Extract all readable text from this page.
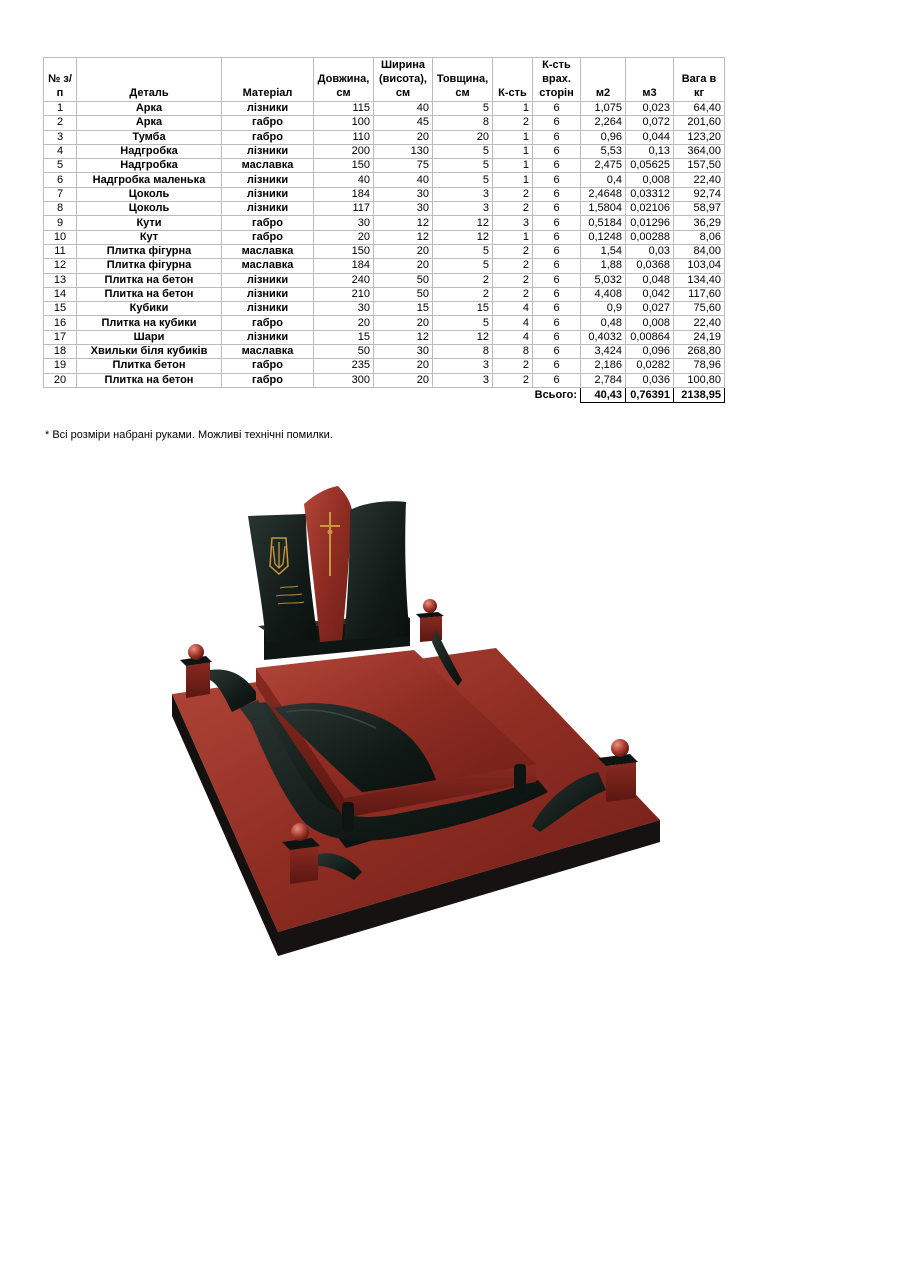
№ з/п	Деталь	Матеріал	Довжина, см	Ширина (висота), см	Товщина, см	К-сть	К-сть врах. сторін	м2	м3	Вага в кг
1	Арка	лізники	115	40	5	1	6	1,075	0,023	64,40
2	Арка	габро	100	45	8	2	6	2,264	0,072	201,60
3	Тумба	габро	110	20	20	1	6	0,96	0,044	123,20
4	Надгробка	лізники	200	130	5	1	6	5,53	0,13	364,00
5	Надгробка	маславка	150	75	5	1	6	2,475	0,05625	157,50
6	Надгробка маленька	лізники	40	40	5	1	6	0,4	0,008	22,40
7	Цоколь	лізники	184	30	3	2	6	2,4648	0,03312	92,74
8	Цоколь	лізники	117	30	3	2	6	1,5804	0,02106	58,97
9	Кути	габро	30	12	12	3	6	0,5184	0,01296	36,29
10	Кут	габро	20	12	12	1	6	0,1248	0,00288	8,06
11	Плитка фігурна	маславка	150	20	5	2	6	1,54	0,03	84,00
12	Плитка фігурна	маславка	184	20	5	2	6	1,88	0,0368	103,04
13	Плитка на бетон	лізники	240	50	2	2	6	5,032	0,048	134,40
14	Плитка на бетон	лізники	210	50	2	2	6	4,408	0,042	117,60
15	Кубики	лізники	30	15	15	4	6	0,9	0,027	75,60
16	Плитка на кубики	габро	20	20	5	4	6	0,48	0,008	22,40
17	Шари	лізники	15	12	12	4	6	0,4032	0,00864	24,19
18	Хвильки біля кубиків	маславка	50	30	8	8	6	3,424	0,096	268,80
19	Плитка бетон	габро	235	20	3	2	6	2,186	0,0282	78,96
20	Плитка на бетон	габро	300	20	3	2	6	2,784	0,036	100,80
Всього:								40,43	0,76391	2138,95

* Всі розміри набрані руками. Можливі технічні помилки.
